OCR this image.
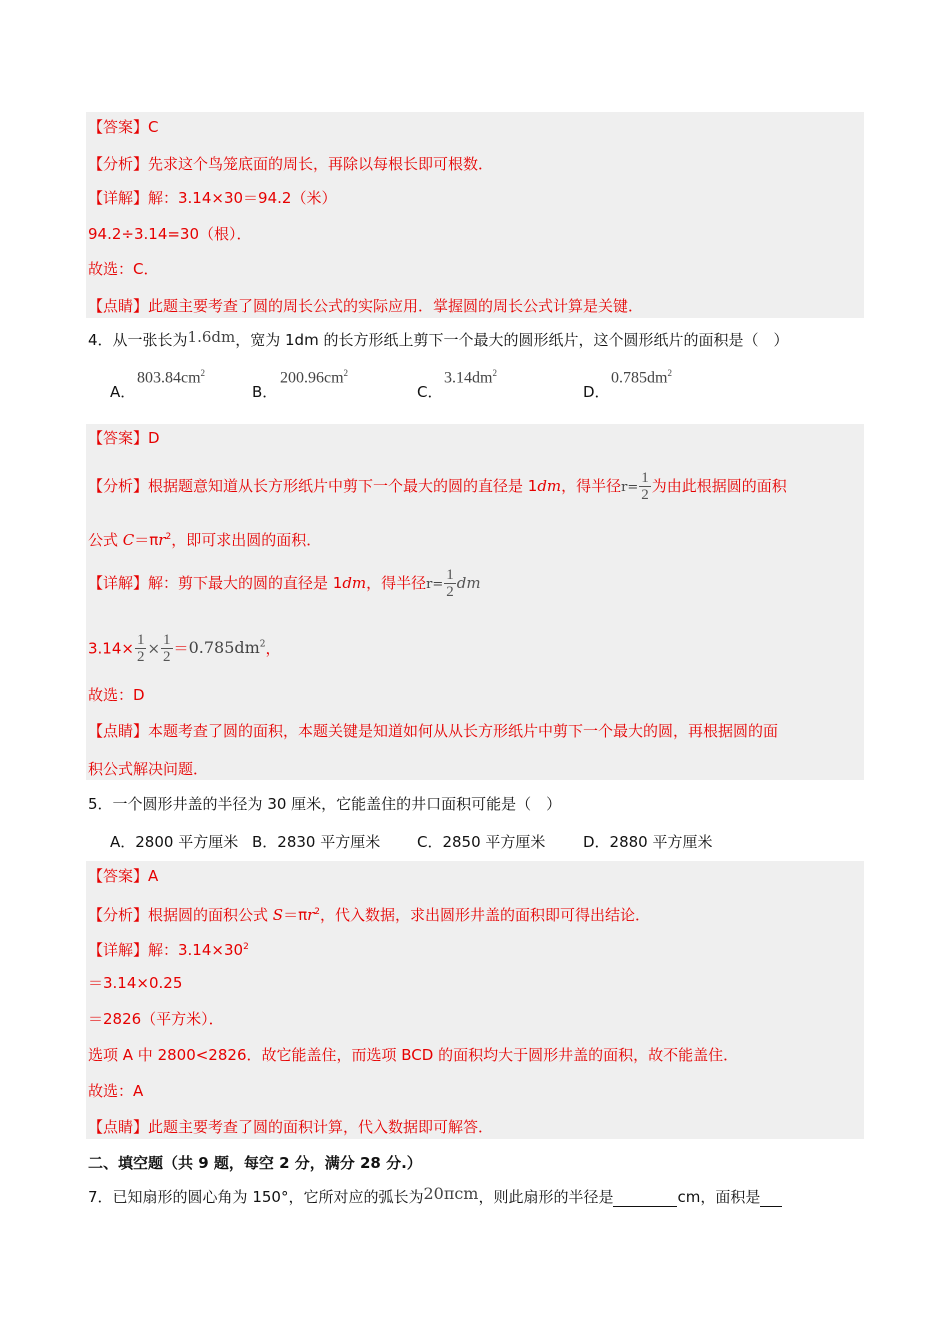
【答案】C
【分析】先求这个鸟笼底面的周长，再除以每根长即可根数．
【详解】解：3.14×30＝94.2（米）
94.2÷3.14=30（根）．
故选：C．
【点睛】此题主要考查了圆的周长公式的实际应用．掌握圆的周长公式计算是关键．
4．从一张长为1.6dm，宽为 1dm 的长方形纸上剪下一个最大的圆形纸片，这个圆形纸片的面积是（　）
A．
$803.84cm^2$
B．
$200.96cm^2$
C．
$3.14dm^2$
D．
$0.785dm^2$
【答案】D
【分析】根据题意知道从长方形纸片中剪下一个最大的圆的直径是 1dm，得半径$r= \frac{1}{2}$ 为由此根据圆的面积
公式 $C=\pi r^2$，即可求出圆的面积．
【详解】解：剪下最大的圆的直径是 1dm，得半径$r= \frac{1}{2}$ dm
$3.14\times \frac{1}{2} \times \frac{1}{2} =0.785dm^2$，
故选：D
【点睛】本题考查了圆的面积，本题关键是知道如何从从长方形纸片中剪下一个最大的圆，再根据圆的面
积公式解决问题．
5．一个圆形井盖的半径为 30 厘米，它能盖住的井口面积可能是（　）
A．2800 平方厘米 B．2830 平方厘米 C．2850 平方厘米	D．2880 平方厘米
【答案】A
【分析】根据圆的面积公式 $S=\pi r^2$，代入数据，求出圆形井盖的面积即可得出结论．
【详解】解：$3.14\times 30^2$
＝3.14×0.25
＝2826（平方米）．
选项 A 中 2800<2826．故它能盖住，而选项 BCD 的面积均大于圆形井盖的面积，故不能盖住．
故选：A
【点睛】此题主要考查了圆的面积计算，代入数据即可解答．
二、填空题（共 9 题，每空 2 分，满分 28 分.）
7．已知扇形的圆心角为 150°，它所对应的弧长为20πcm，则此扇形的半径是	cm，面积是
